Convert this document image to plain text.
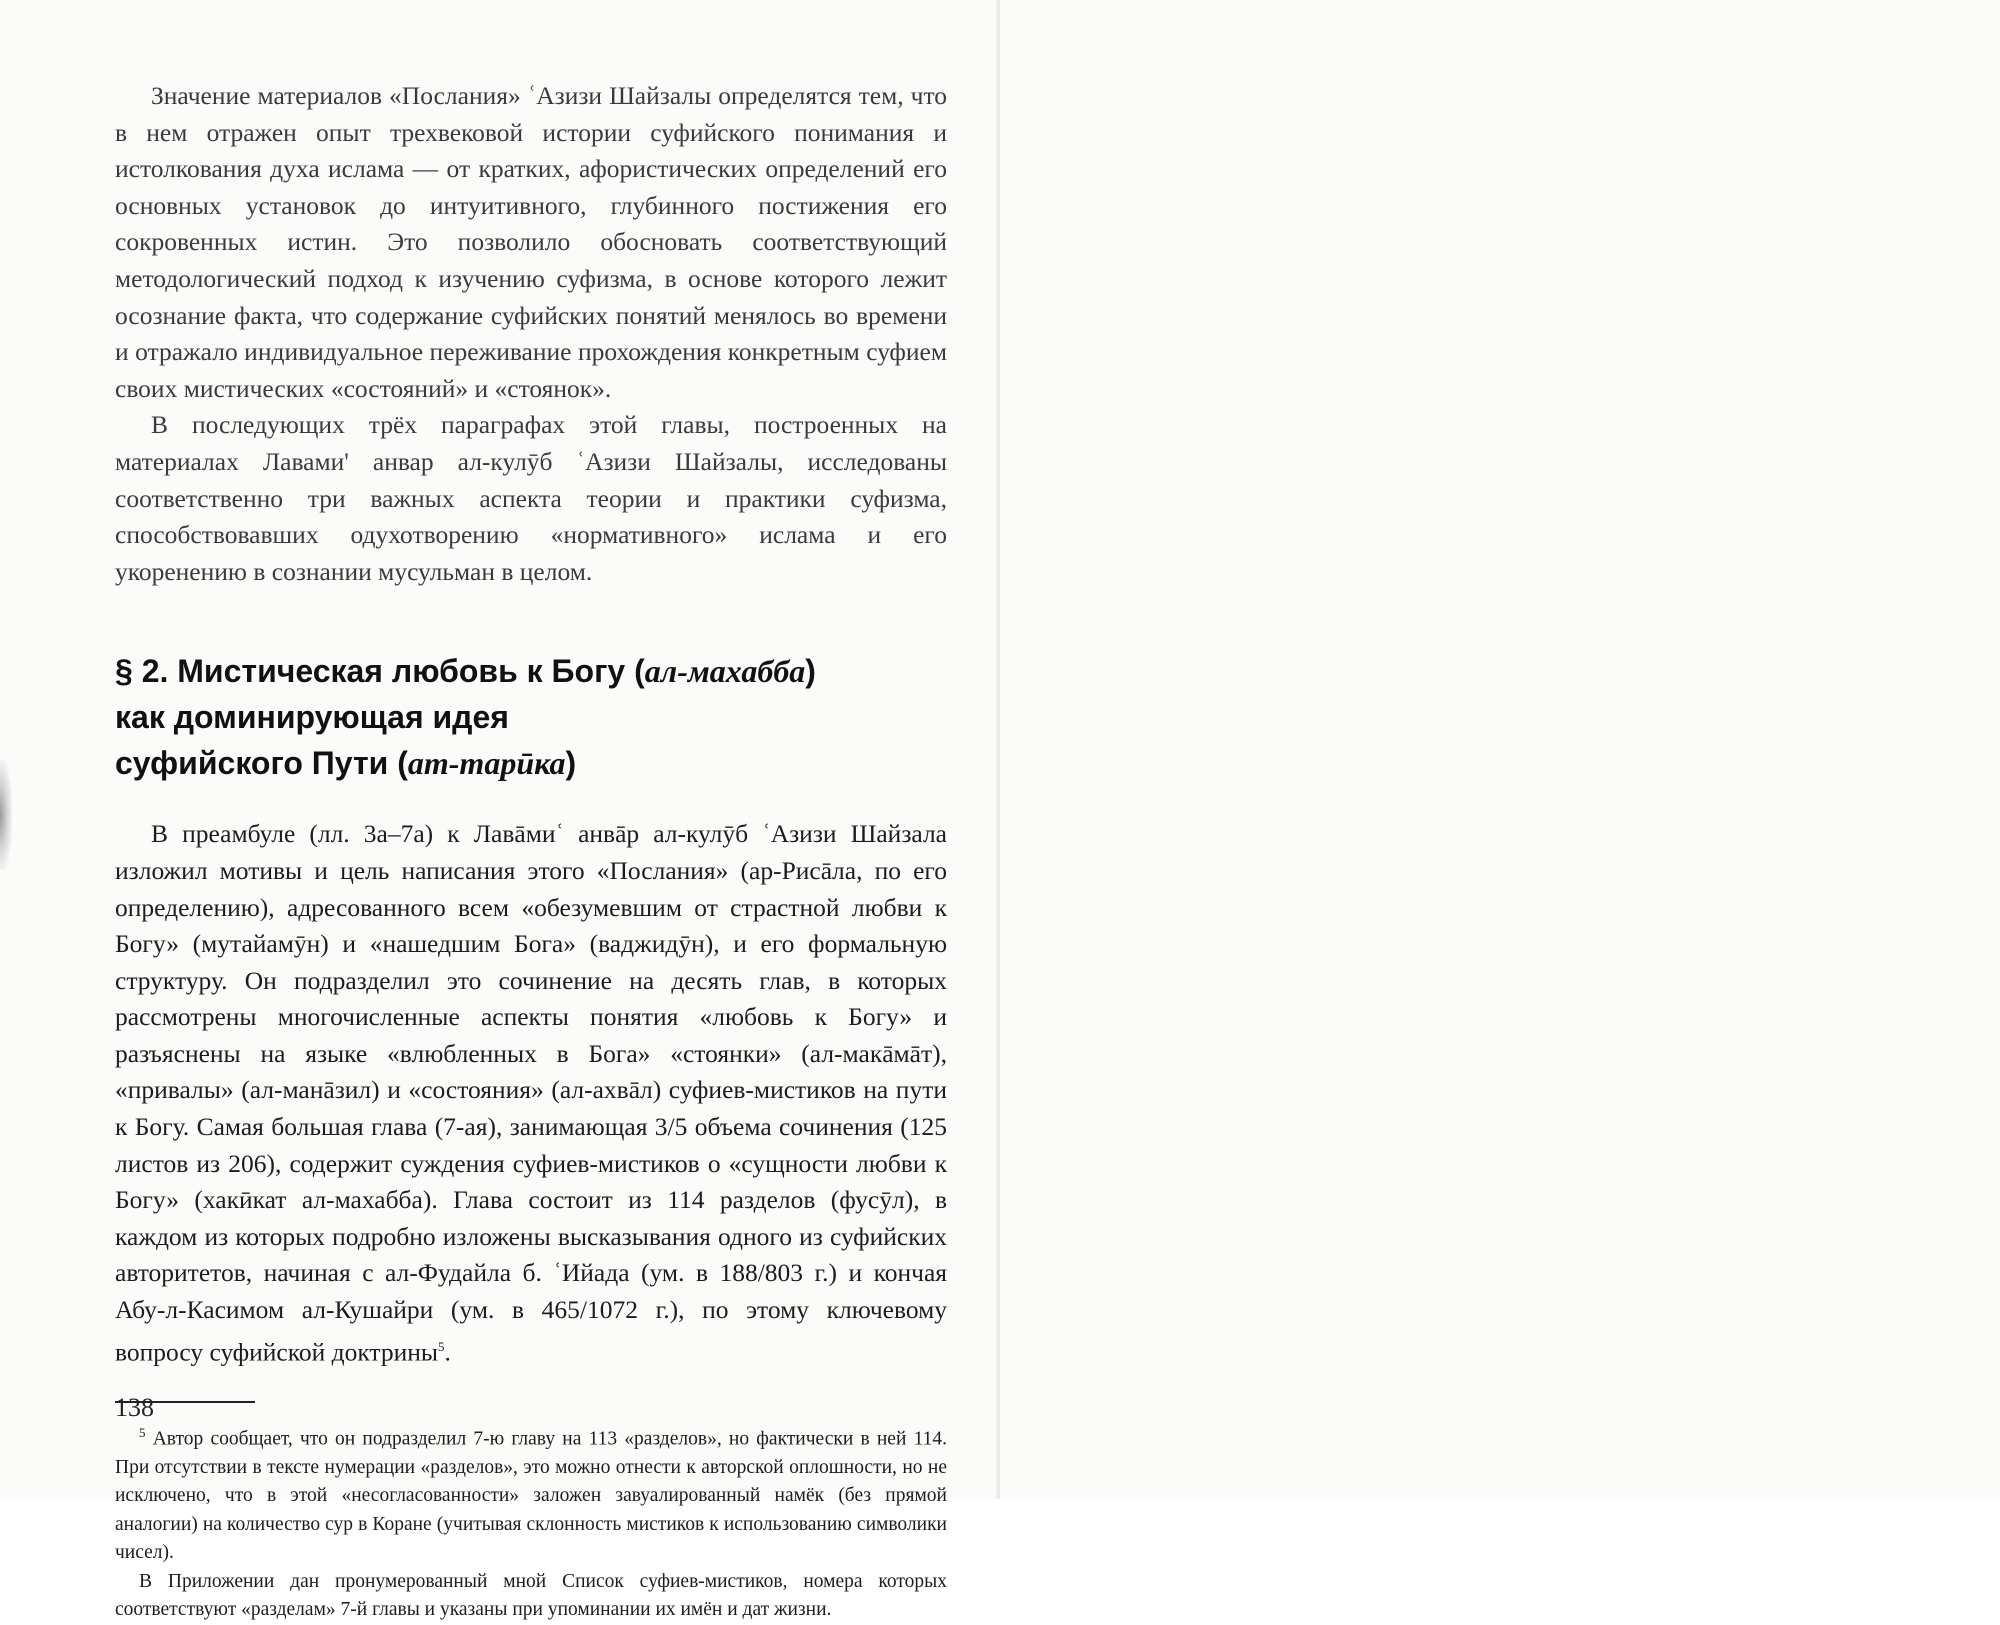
Значение материалов «Послания» ʿАзизи Шайзалы определятся тем, что в нем отражен опыт трехвековой истории суфийского понимания и истолкования духа ислама — от кратких, афористических определений его основных установок до интуитивного, глубинного постижения его сокровенных истин. Это позволило обосновать соответствующий методологический подход к изучению суфизма, в основе которого лежит осознание факта, что содержание суфийских понятий менялось во времени и отражало индивидуальное переживание прохождения конкретным суфием своих мистических «состояний» и «стоянок».

В последующих трёх параграфах этой главы, построенных на материалах Лавами' анвар ал-кулӯб ʿАзизи Шайзалы, исследованы соответственно три важных аспекта теории и практики суфизма, способствовавших одухотворению «нормативного» ислама и его укоренению в сознании мусульман в целом.

§ 2. Мистическая любовь к Богу (ал-махабба)

как доминирующая идея

суфийского Пути (ат-тарӣка)

В преамбуле (лл. 3а–7а) к Лавāмиʿ анвāр ал-кулӯб ʿАзизи Шайзала изложил мотивы и цель написания этого «Послания» (ар-Рисāла, по его определению), адресованного всем «обезумевшим от страстной любви к Богу» (мутайамӯн) и «нашедшим Бога» (ваджидӯн), и его формальную структуру. Он подразделил это сочинение на десять глав, в которых рассмотрены многочисленные аспекты понятия «любовь к Богу» и разъяснены на языке «влюбленных в Бога» «стоянки» (ал-макāмāт), «привалы» (ал-манāзил) и «состояния» (ал-ахвāл) суфиев-мистиков на пути к Богу. Самая большая глава (7-ая), занимающая 3/5 объема сочинения (125 листов из 206), содержит суждения суфиев-мистиков о «сущности любви к Богу» (хакӣкат ал-махабба). Глава состоит из 114 разделов (фусӯл), в каждом из которых подробно изложены высказывания одного из суфийских авторитетов, начиная с ал-Фудайла б. ʿИйада (ум. в 188/803 г.) и кончая Абу-л-Касимом ал-Кушайри (ум. в 465/1072 г.), по этому ключевому вопросу суфийской доктрины$^5$.

$^5$ Автор сообщает, что он подразделил 7-ю главу на 113 «разделов», но фактически в ней 114. При отсутствии в тексте нумерации «разделов», это можно отнести к авторской оплошности, но не исключено, что в этой «несогласованности» заложен завуалированный намёк (без прямой аналогии) на количество сур в Коране (учитывая склонность мистиков к использованию символики чисел).

В Приложении дан пронумерованный мной Список суфиев-мистиков, номера которых соответствуют «разделам» 7-й главы и указаны при упоминании их имён и дат жизни.

138
